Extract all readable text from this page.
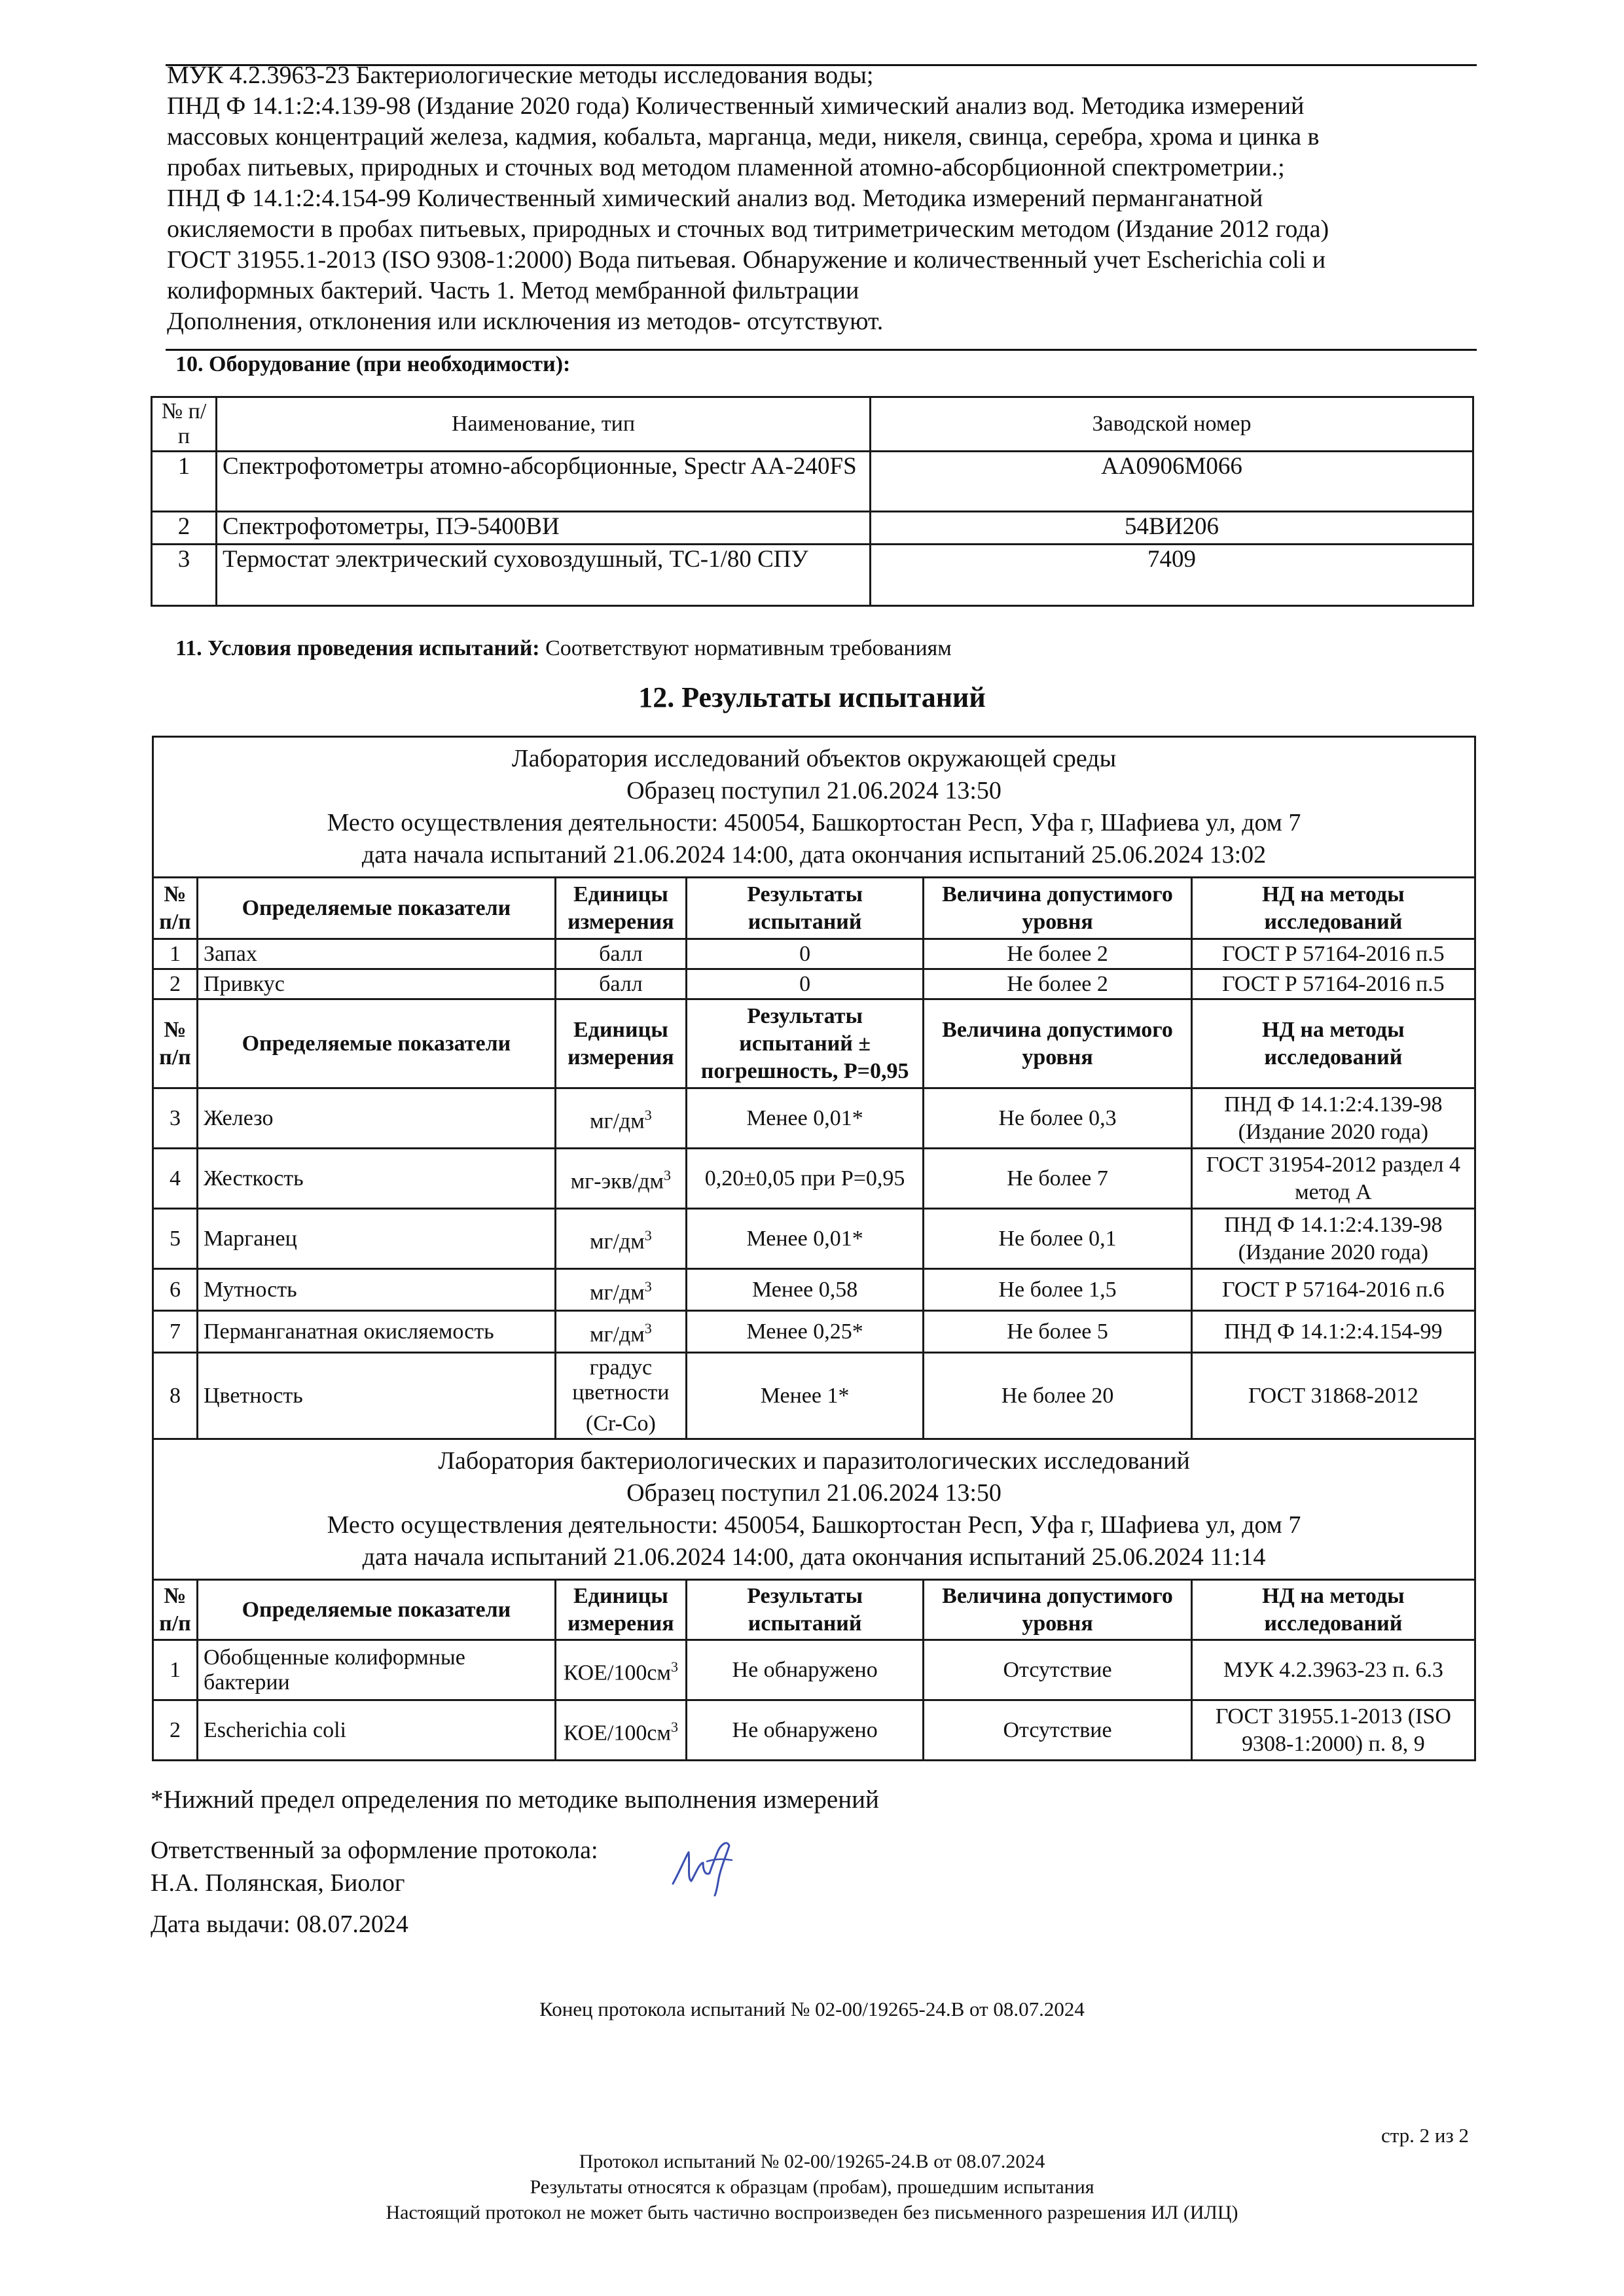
МУК 4.2.3963-23 Бактериологические методы исследования воды;
ПНД Ф 14.1:2:4.139-98 (Издание 2020 года) Количественный химический анализ вод. Методика измерений
массовых концентраций железа, кадмия, кобальта, марганца, меди, никеля, свинца, серебра, хрома и цинка в
пробах питьевых, природных и сточных вод методом пламенной атомно-абсорбционной спектрометрии.;
ПНД Ф 14.1:2:4.154-99 Количественный химический анализ вод. Методика измерений перманганатной
окисляемости в пробах питьевых, природных и сточных вод титриметрическим методом (Издание 2012 года)
ГОСТ 31955.1-2013 (ISO 9308-1:2000) Вода питьевая. Обнаружение и количественный учет Escherichia coli и
колиформных бактерий. Часть 1. Метод мембранной фильтрации
Дополнения, отклонения или исключения из методов- отсутствуют.
10. Оборудование (при необходимости):
№ п/п	Наименование, тип	Заводской номер
1	Спектрофотометры атомно-абсорбционные, Spectr AA-240FS	AA0906M066
2	Спектрофотометры, ПЭ-5400ВИ	54ВИ206
3	Термостат электрический суховоздушный, ТС-1/80 СПУ	7409
11. Условия проведения испытаний: Соответствуют нормативным требованиям
12. Результаты испытаний
Лаборатория исследований объектов окружающей среды
Образец поступил 21.06.2024 13:50
Место осуществления деятельности: 450054, Башкортостан Респ, Уфа г, Шафиева ул, дом 7
дата начала испытаний 21.06.2024 14:00, дата окончания испытаний 25.06.2024 13:02					

№ п/п	Определяемые показатели	Единицы измерения	Результаты испытаний	Величина допустимого уровня	НД на методы исследований
1	Запах	балл	0	Не более 2	ГОСТ Р 57164-2016 п.5
2	Привкус	балл	0	Не более 2	ГОСТ Р 57164-2016 п.5
№ п/п	Определяемые показатели	Единицы измерения	Результаты испытаний ± погрешность, P=0,95	Величина допустимого уровня	НД на методы исследований
3	Железо	$мг/дм^3$	Менее 0,01*	Не более 0,3	ПНД Ф 14.1:2:4.139-98 (Издание 2020 года)
4	Жесткость	$мг-экв/дм^3$	0,20±0,05 при P=0,95	Не более 7	ГОСТ 31954-2012 раздел 4 метод А
5	Марганец	$мг/дм^3$	Менее 0,01*	Не более 0,1	ПНД Ф 14.1:2:4.139-98 (Издание 2020 года)
6	Мутность	$мг/дм^3$	Менее 0,58	Не более 1,5	ГОСТ Р 57164-2016 п.6
7	Перманганатная окисляемость	$мг/дм^3$	Менее 0,25*	Не более 5	ПНД Ф 14.1:2:4.154-99
8	Цветность	градус цветности (Cr-Co)	Менее 1*	Не более 20	ГОСТ 31868-2012

Лаборатория бактериологических и паразитологических исследований
Образец поступил 21.06.2024 13:50
Место осуществления деятельности: 450054, Башкортостан Респ, Уфа г, Шафиева ул, дом 7
дата начала испытаний 21.06.2024 14:00, дата окончания испытаний 25.06.2024 11:14					

№ п/п	Определяемые показатели	Единицы измерения	Результаты испытаний	Величина допустимого уровня	НД на методы исследований
1	Обобщенные колиформные бактерии	КОЕ/$100см^3$	Не обнаружено	Отсутствие	МУК 4.2.3963-23 п. 6.3
2	Escherichia coli	КОЕ/$100см^3$	Не обнаружено	Отсутствие	ГОСТ 31955.1-2013 (ISO 9308-1:2000) п. 8, 9
*Нижний предел определения по методике выполнения измерений
Ответственный за оформление протокола:
Н.А. Полянская, Биолог
Дата выдачи: 08.07.2024
Конец протокола испытаний № 02-00/19265-24.В от 08.07.2024
стр. 2 из 2
Протокол испытаний № 02-00/19265-24.В от 08.07.2024
Результаты относятся к образцам (пробам), прошедшим испытания
Настоящий протокол не может быть частично воспроизведен без письменного разрешения ИЛ (ИЛЦ)
